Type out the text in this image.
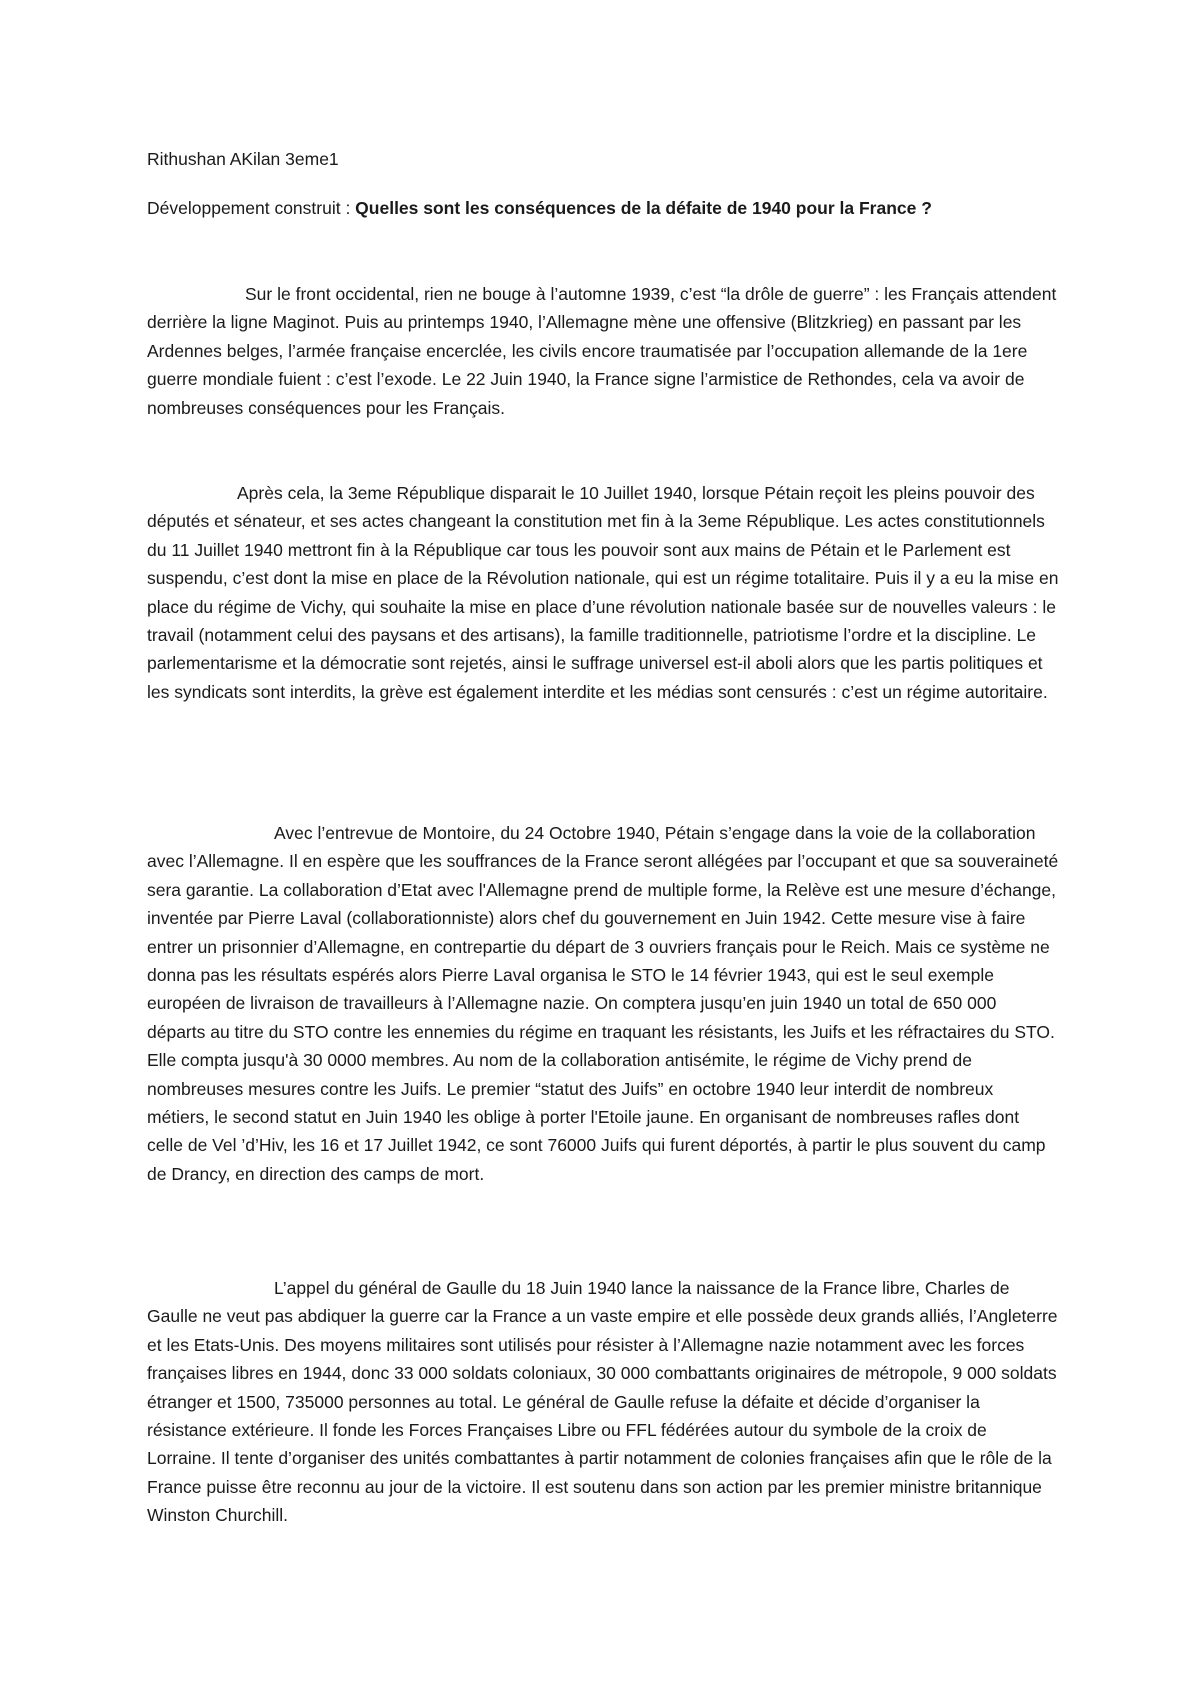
Rithushan AKilan 3eme1
Développement construit : Quelles sont les conséquences de la défaite de 1940 pour la France ?

Sur le front occidental, rien ne bouge à l’automne 1939, c’est “la drôle de guerre” : les Français attendent derrière la ligne Maginot. Puis au printemps 1940, l’Allemagne mène une offensive (Blitzkrieg) en passant par les Ardennes belges, l’armée française encerclée, les civils encore traumatisée par l’occupation allemande de la 1ere guerre mondiale fuient : c’est l’exode. Le 22 Juin 1940, la France signe l’armistice de Rethondes, cela va avoir de nombreuses conséquences pour les Français.

Après cela, la 3eme République disparait le 10 Juillet 1940, lorsque Pétain reçoit les pleins pouvoir des députés et sénateur, et ses actes changeant la constitution met fin à la 3eme République. Les actes constitutionnels du 11 Juillet 1940 mettront fin à la République car tous les pouvoir sont aux mains de Pétain et le Parlement est suspendu, c’est dont la mise en place de la Révolution nationale, qui est un régime totalitaire. Puis il y a eu la mise en place du régime de Vichy, qui souhaite la mise en place d’une révolution nationale basée sur de nouvelles valeurs : le travail (notamment celui des paysans et des artisans), la famille traditionnelle, patriotisme l’ordre et la discipline. Le parlementarisme et la démocratie sont rejetés, ainsi le suffrage universel est-il aboli alors que les partis politiques et les syndicats sont interdits, la grève est également interdite et les médias sont censurés : c’est un régime autoritaire.

Avec l’entrevue de Montoire, du 24 Octobre 1940, Pétain s’engage dans la voie de la collaboration avec l’Allemagne. Il en espère que les souffrances de la France seront allégées par l’occupant et que sa souveraineté sera garantie. La collaboration d’Etat avec l'Allemagne prend de multiple forme, la Relève est une mesure d’échange, inventée par Pierre Laval (collaborationniste) alors chef du gouvernement en Juin 1942. Cette mesure vise à faire entrer un prisonnier d’Allemagne, en contrepartie du départ de 3 ouvriers français pour le Reich. Mais ce système ne donna pas les résultats espérés alors Pierre Laval organisa le STO le 14 février 1943, qui est le seul exemple européen de livraison de travailleurs à l’Allemagne nazie. On comptera jusqu’en juin 1940 un total de 650 000 départs au titre du STO contre les ennemies du régime en traquant les résistants, les Juifs et les réfractaires du STO. Elle compta jusqu'à 30 0000 membres. Au nom de la collaboration antisémite, le régime de Vichy prend de nombreuses mesures contre les Juifs. Le premier “statut des Juifs” en octobre 1940 leur interdit de nombreux métiers, le second statut en Juin 1940 les oblige à porter l'Etoile jaune. En organisant de nombreuses rafles dont celle de Vel ’d’Hiv, les 16 et 17 Juillet 1942, ce sont 76000 Juifs qui furent déportés, à partir le plus souvent du camp de Drancy, en direction des camps de mort.

L’appel du général de Gaulle du 18 Juin 1940 lance la naissance de la France libre, Charles de Gaulle ne veut pas abdiquer la guerre car la France a un vaste empire et elle possède deux grands alliés, l’Angleterre et les Etats-Unis. Des moyens militaires sont utilisés pour résister à l’Allemagne nazie notamment avec les forces françaises libres en 1944, donc 33 000 soldats coloniaux, 30 000 combattants originaires de métropole, 9 000 soldats étranger et 1500, 735000 personnes au total. Le général de Gaulle refuse la défaite et décide d’organiser la résistance extérieure. Il fonde les Forces Françaises Libre ou FFL fédérées autour du symbole de la croix de Lorraine. Il tente d’organiser des unités combattantes à partir notamment de colonies françaises afin que le rôle de la France puisse être reconnu au jour de la victoire. Il est soutenu dans son action par les premier ministre britannique Winston Churchill.
